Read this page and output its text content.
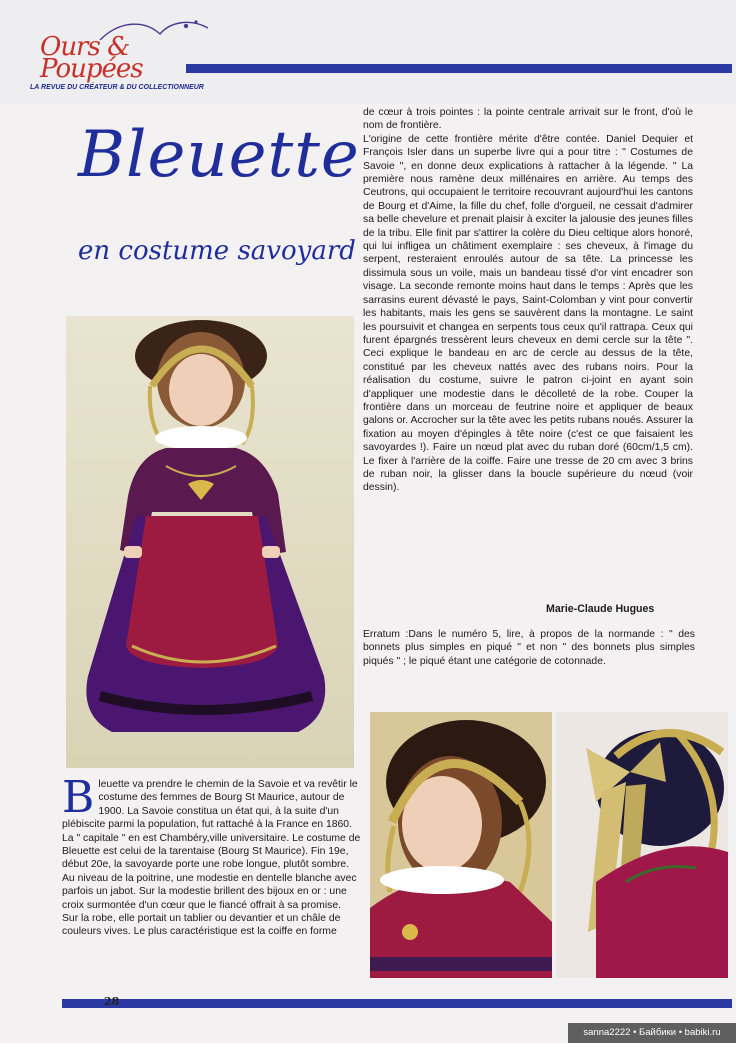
Ours & Poupées
LA REVUE DU CRÉATEUR & DU COLLECTIONNEUR
Bleuette
en costume savoyard

de cœur à trois pointes : la pointe centrale arrivait sur le front, d'où le nom de frontière.
L'origine de cette frontière mérite d'être contée. Daniel Dequier et François Isler dans un superbe livre qui a pour titre : " Costumes de Savoie ", en donne deux explications à rattacher à la légende. " La première nous ramène deux millénaires en arrière. Au temps des Ceutrons, qui occupaient le territoire recouvrant aujourd'hui les cantons de Bourg et d'Aime, la fille du chef, folle d'orgueil, ne cessait d'admirer sa belle chevelure et prenait plaisir à exciter la jalousie des jeunes filles de la tribu. Elle finit par s'attirer la colère du Dieu celtique alors honoré, qui lui infligea un châtiment exemplaire : ses cheveux, à l'image du serpent, resteraient enroulés autour de sa tête. La princesse les dissimula sous un voile, mais un bandeau tissé d'or vint encadrer son visage. La seconde remonte moins haut dans le temps : Après que les sarrasins eurent dévasté le pays, Saint-Colomban y vint pour convertir les habitants, mais les gens se sauvèrent dans la montagne. Le saint les poursuivit et changea en serpents tous ceux qu'il rattrapa. Ceux qui furent épargnés tressèrent leurs cheveux en demi cercle sur la tête ". Ceci explique le bandeau en arc de cercle au dessus de la tête, constitué par les cheveux nattés avec des rubans noirs. Pour la réalisation du costume, suivre le patron ci-joint en ayant soin d'appliquer une modestie dans le décolleté de la robe. Couper la frontière dans un morceau de feutrine noire et appliquer de beaux galons or. Accrocher sur la tête avec les petits rubans noués. Assurer la fixation au moyen d'épingles à tête noire (c'est ce que faisaient les savoyardes !). Faire un nœud plat avec du ruban doré (60cm/1,5 cm). Le fixer à l'arrière de la coiffe. Faire une tresse de 20 cm avec 3 brins de ruban noir, la glisser dans la boucle supérieure du nœud (voir dessin).

Marie-Claude Hugues
Erratum :Dans le numéro 5, lire, à propos de la normande : " des bonnets plus simples en piqué " et non " des bonnets plus simples piqués " ; le piqué étant une catégorie de cotonnade.
B leuette va prendre le chemin de la Savoie et va revêtir le costume des femmes de Bourg St Maurice, autour de 1900. La Savoie constitua un état qui, à la suite d'un plébiscite parmi la population, fut rattaché à la France en 1860. La " capitale " en est Chambéry,ville universitaire. Le costume de Bleuette est celui de la tarentaise (Bourg St Maurice). Fin 19e, début 20e, la savoyarde porte une robe longue, plutôt sombre. Au niveau de la poitrine, une modestie en dentelle blanche avec parfois un jabot. Sur la modestie brillent des bijoux en or : une croix surmontée d'un cœur que le fiancé offrait à sa promise.
Sur la robe, elle portait un tablier ou devantier et un châle de couleurs vives. Le plus caractéristique est la coiffe en forme
28
sanna2222 • Байбики • babiki.ru
